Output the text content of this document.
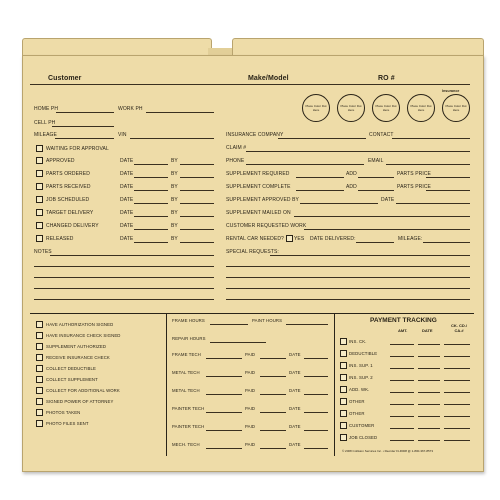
Customer	Make/Model	RO #
Insurance
Place Color Dot Here
Place Color Dot Here
Place Color Dot Here
Place Color Dot Here
Place Color Dot Here
HOME PH	WORK PH
CELL PH
MILEAGE	VIN
WAITING FOR APPROVAL
APPROVED	DATE	BY
PARTS ORDERED	DATE	BY
PARTS RECEIVED	DATE	BY
JOB SCHEDULED	DATE	BY
TARGET DELIVERY	DATE	BY
CHANGED DELIVERY	DATE	BY
RELEASED	DATE	BY
NOTES
INSURANCE COMPANY	CONTACT
CLAIM #
PHONE	EMAIL
SUPPLEMENT REQUIRED	ADD	PARTS PRICE
SUPPLEMENT COMPLETE	ADD	PARTS PRICE
SUPPLEMENT APPROVED BY	DATE
SUPPLEMENT MAILED ON
CUSTOMER REQUESTED WORK
RENTAL CAR NEEDED? YES DATE DELIVERED:	MILEAGE:
SPECIAL REQUESTS:
HAVE AUTHORIZATION SIGNED
HAVE INSURANCE CHECK SIGNED
SUPPLEMENT AUTHORIZED
RECEIVE INSURANCE CHECK
COLLECT DEDUCTIBLE
COLLECT SUPPLEMENT
COLLECT FOR ADDITIONAL WORK
SIGNED POWER OF ATTORNEY
PHOTOS TAKEN
PHOTO FILES SENT
FRAME HOURS	PAINT HOURS
REPAIR HOURS
FRAME TECH	PAID	DATE
METAL TECH	PAID	DATE
METAL TECH	PAID	DATE
PAINTER TECH	PAID	DATE
PAINTER TECH	PAID	DATE
MECH. TECH	PAID	DATE
PAYMENT TRACKING
AMT.	DATE
CK. CD./ CA.#
INS. CK.
DEDUCTIBLE
INS. SUP. 1
INS. SUP. 2
ADD. WK.
OTHER
OTHER
CUSTOMER
JOB CLOSED
© 2008 Collision Services Inc. • Reorder FLR008 @ 1-800-367-8573
